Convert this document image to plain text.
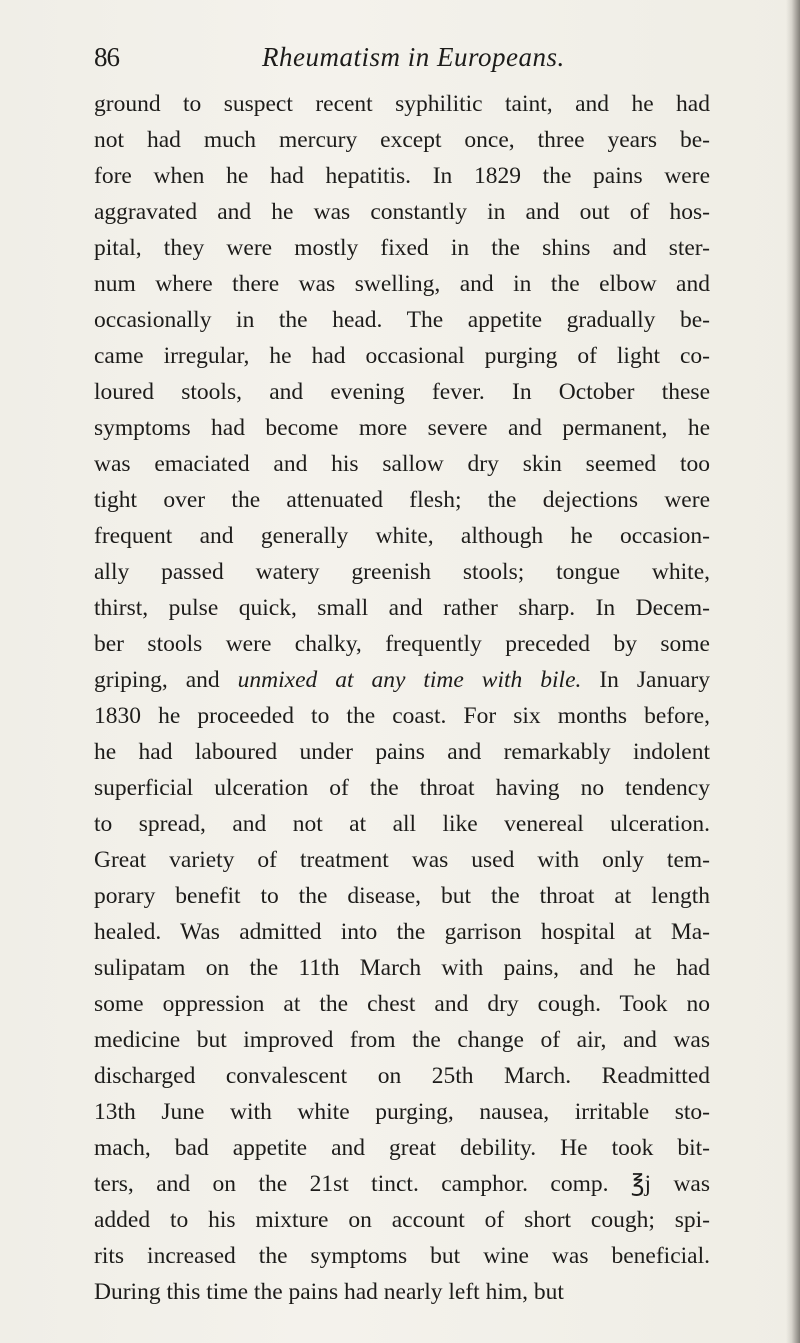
86	Rheumatism in Europeans.
ground to suspect recent syphilitic taint, and he had
not had much mercury except once, three years be-
fore when he had hepatitis. In 1829 the pains were
aggravated and he was constantly in and out of hos-
pital, they were mostly fixed in the shins and ster-
num where there was swelling, and in the elbow and
occasionally in the head. The appetite gradually be-
came irregular, he had occasional purging of light co-
loured stools, and evening fever. In October these
symptoms had become more severe and permanent, he
was emaciated and his sallow dry skin seemed too
tight over the attenuated flesh; the dejections were
frequent and generally white, although he occasion-
ally passed watery greenish stools; tongue white,
thirst, pulse quick, small and rather sharp. In Decem-
ber stools were chalky, frequently preceded by some
griping, and unmixed at any time with bile. In January
1830 he proceeded to the coast. For six months before,
he had laboured under pains and remarkably indolent
superficial ulceration of the throat having no tendency
to spread, and not at all like venereal ulceration.
Great variety of treatment was used with only tem-
porary benefit to the disease, but the throat at length
healed. Was admitted into the garrison hospital at Ma-
sulipatam on the 11th March with pains, and he had
some oppression at the chest and dry cough. Took no
medicine but improved from the change of air, and was
discharged convalescent on 25th March. Readmitted
13th June with white purging, nausea, irritable sto-
mach, bad appetite and great debility. He took bit-
ters, and on the 21st tinct. camphor. comp. ℥j was
added to his mixture on account of short cough; spi-
rits increased the symptoms but wine was beneficial.
During this time the pains had nearly left him, but
